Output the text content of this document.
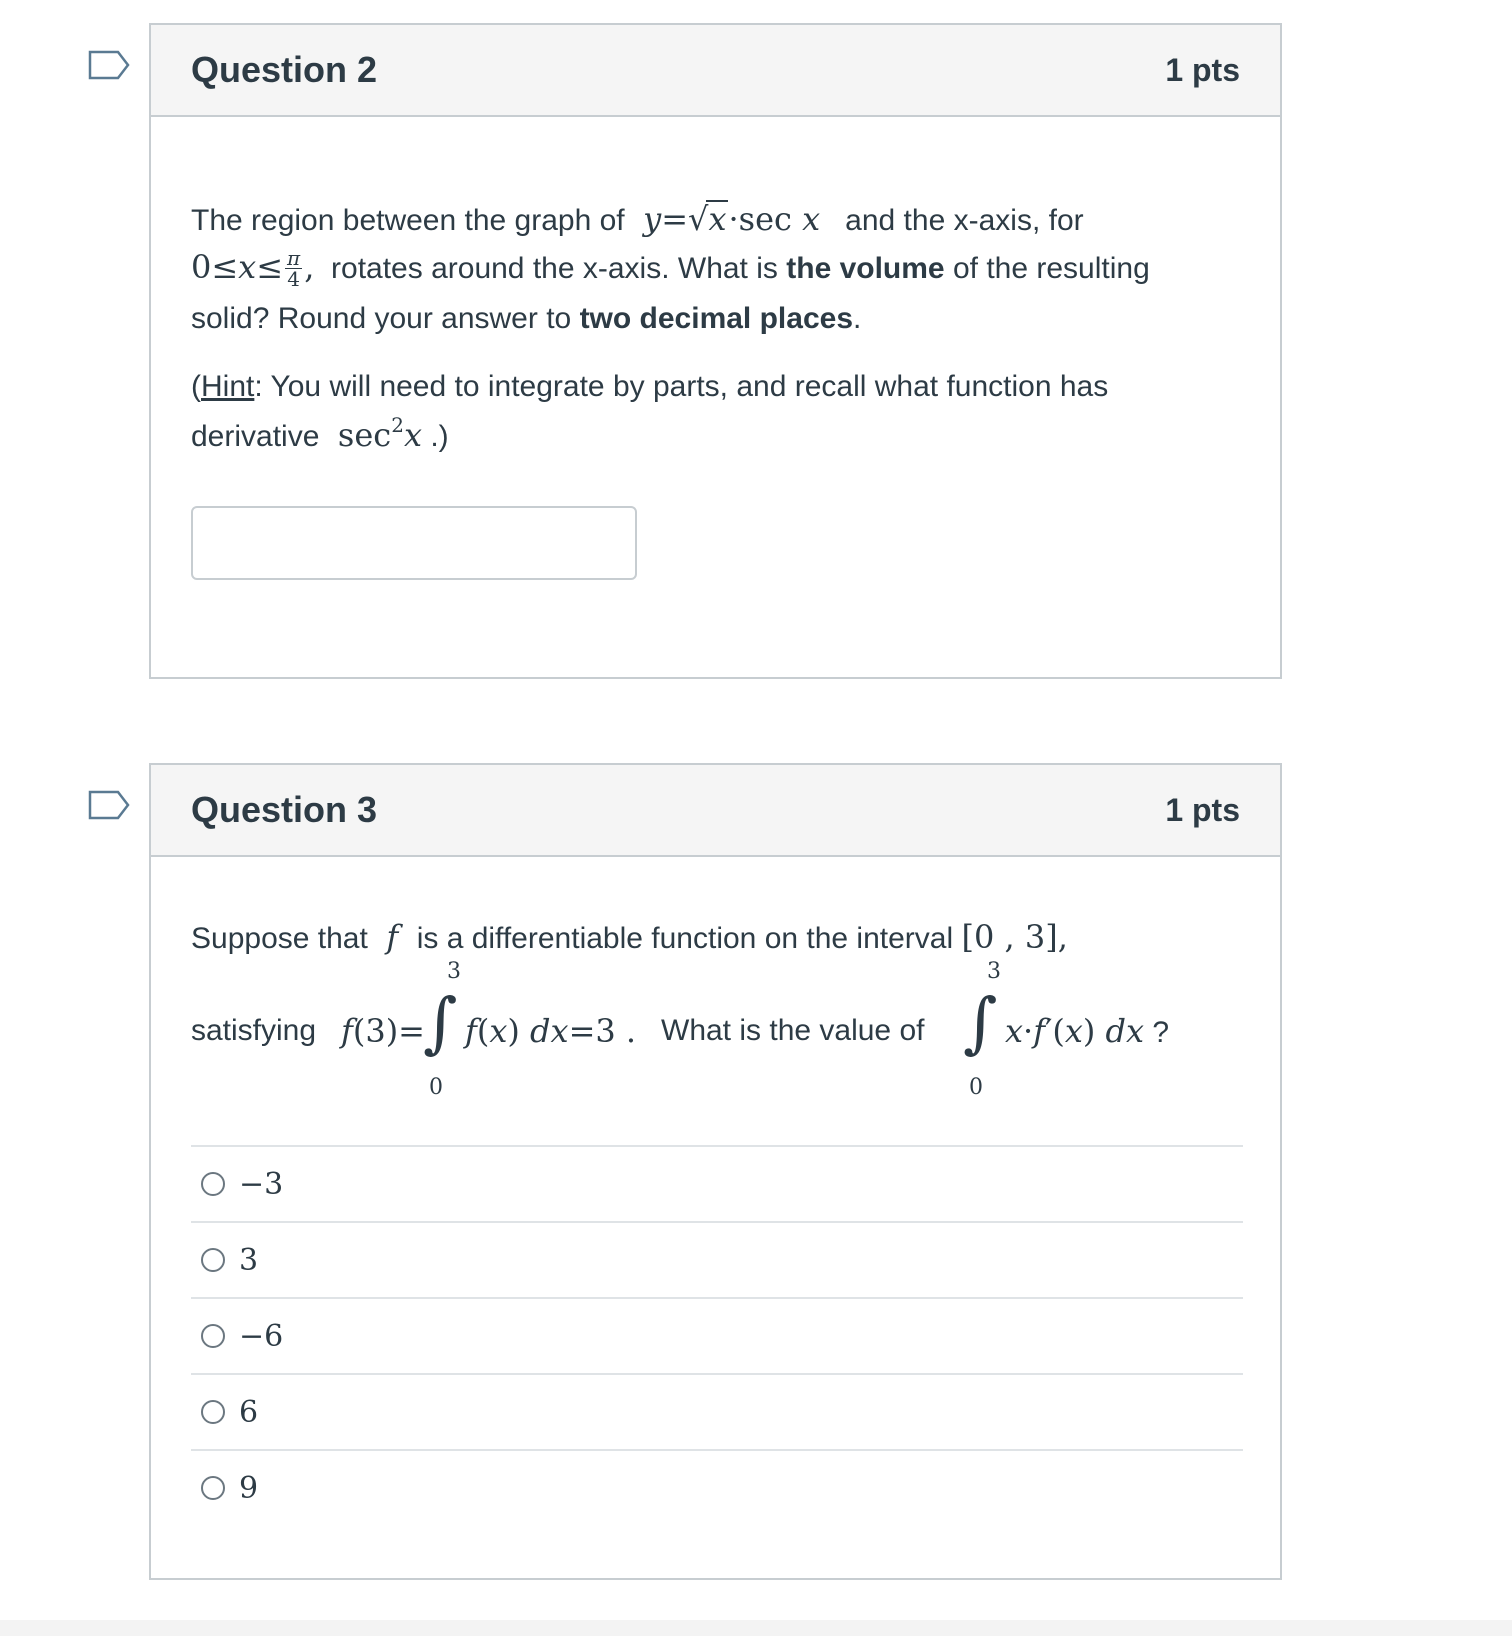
Question 2	1 pts
The region between the graph of  y=√x·sec x and the x-axis, for
$0\le x\le \frac{\pi}{4}$ , rotates around the x-axis. What is the volume of the resulting
solid? Round your answer to two decimal places.
(Hint: You will need to integrate by parts, and recall what function has
derivative  $\sec^2x$ .)
Question 3	1 pts
Suppose that  f  is a differentiable function on the interval [0 , 3],
satisfying f(3)=
∫
3
0
f(x) dx=3 . What is the value of ∫
3
0
x·f′(x) dx ?
−3
3
−6
6
9
